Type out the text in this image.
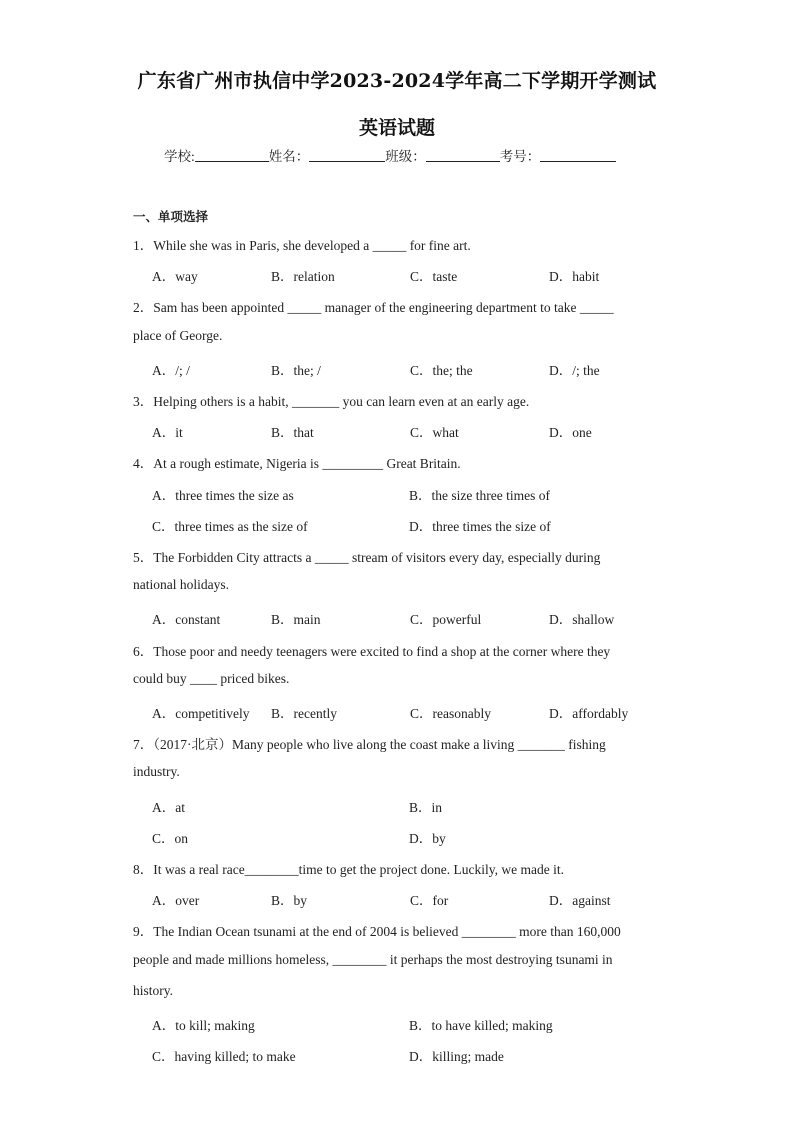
广东省广州市执信中学2023-2024学年高二下学期开学测试
英语试题
学校:	姓名：	班级：	考号：
一、单项选择
1．While she was in Paris, she developed a _____ for fine art.
A．way	B．relation	C．taste	D．habit
2．Sam has been appointed _____ manager of the engineering department to take _____
place of George.
A．/; /	B．the; /	C．the; the	D．/; the
3．Helping others is a habit, _______ you can learn even at an early age.
A．it	B．that	C．what	D．one
4．At a rough estimate, Nigeria is _________ Great Britain.
A．three times the size as	B．the size three times of
C．three times as the size of	D．three times the size of
5．The Forbidden City attracts a _____ stream of visitors every day, especially during
national holidays.
A．constant	B．main	C．powerful	D．shallow
6．Those poor and needy teenagers were excited to find a shop at the corner where they
could buy ____ priced bikes.
A．competitively B．recently	C．reasonably	D．affordably
7．（2017·北京）Many people who live along the coast make a living _______ fishing
industry.
A．at	B．in
C．on	D．by
8．It was a real race________time to get the project done. Luckily, we made it.
A．over	B．by	C．for	D．against
9．The Indian Ocean tsunami at the end of 2004 is believed ________ more than 160,000
people and made millions homeless, ________ it perhaps the most destroying tsunami in
history.
A．to kill; making	B．to have killed; making
C．having killed; to make	D．killing; made
